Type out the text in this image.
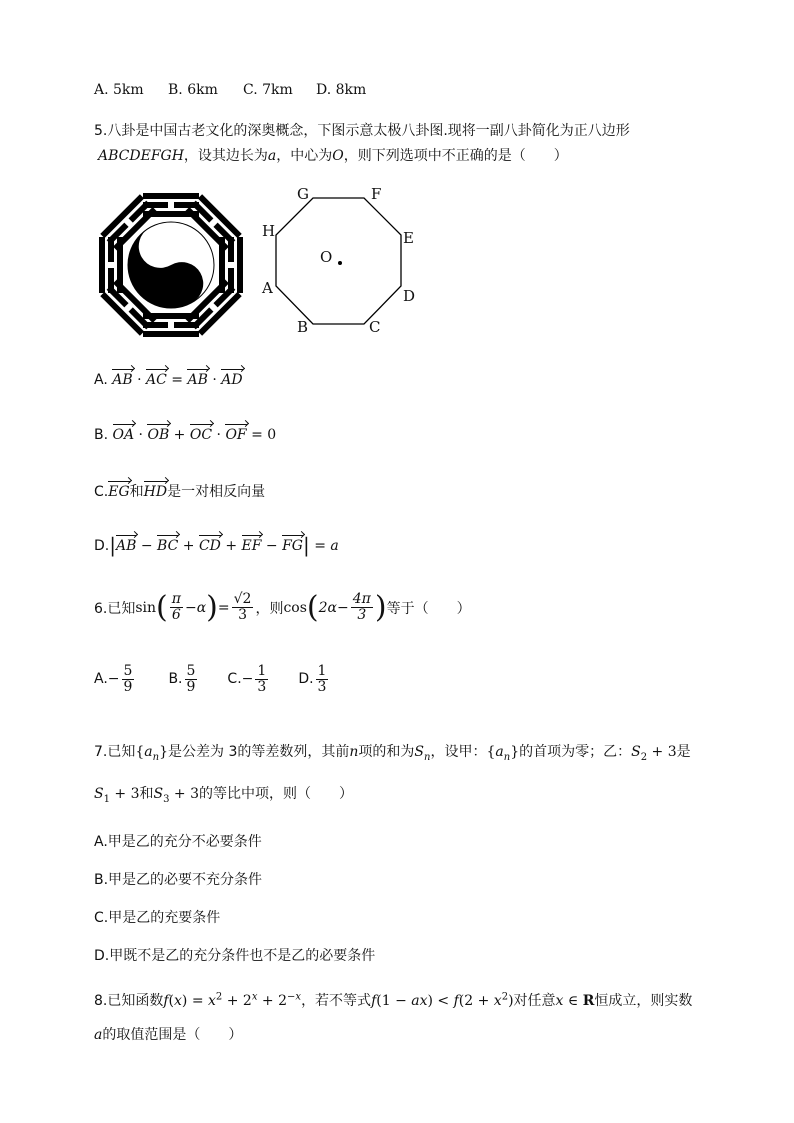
A. 5km B. 6km C. 7km D. 8km
5.八卦是中国古老文化的深奥概念，下图示意太极八卦图.现将一副八卦简化为正八边形
ABCDEFGH，设其边长为a，中心为O，则下列选项中不正确的是（　　）
G	F
H	E
O
A	D
B	C
A. AB · AC = AB · AD
B. OA · OB + OC · OF = 0
C.EG和HD是一对相反向量
D.|AB − BC + CD + EF − FG| = a
6.已知 sin ( $\frac{\pi}{6} - \alpha$ ) = $\frac{√2}{3}$ ，则 cos ( $2\alpha - \frac{4\pi}{3}$ ) 等于（　　）
A. − $\frac{5}{9} B$. $\frac{5}{9} C$. − $\frac{1}{3} D$. $\frac{1}{3}$
7.已知$\{a_n\}$是公差为 3的等差数列，其前n项的和为$S_n$，设甲：$\{a_n\}$的首项为零；乙：$S_2 + 3$是
$S_1 + 3$和$S_3 + 3$的等比中项，则（　　）
A.甲是乙的充分不必要条件
B.甲是乙的必要不充分条件
C.甲是乙的充要条件
D.甲既不是乙的充分条件也不是乙的必要条件
8.已知函数$f(x) = x^2 + 2^x + 2^{-x}$，若不等式$f(1 - ax) < f(2 + x^2)$对任意x ∈ R恒成立，则实数
a的取值范围是（　　）
